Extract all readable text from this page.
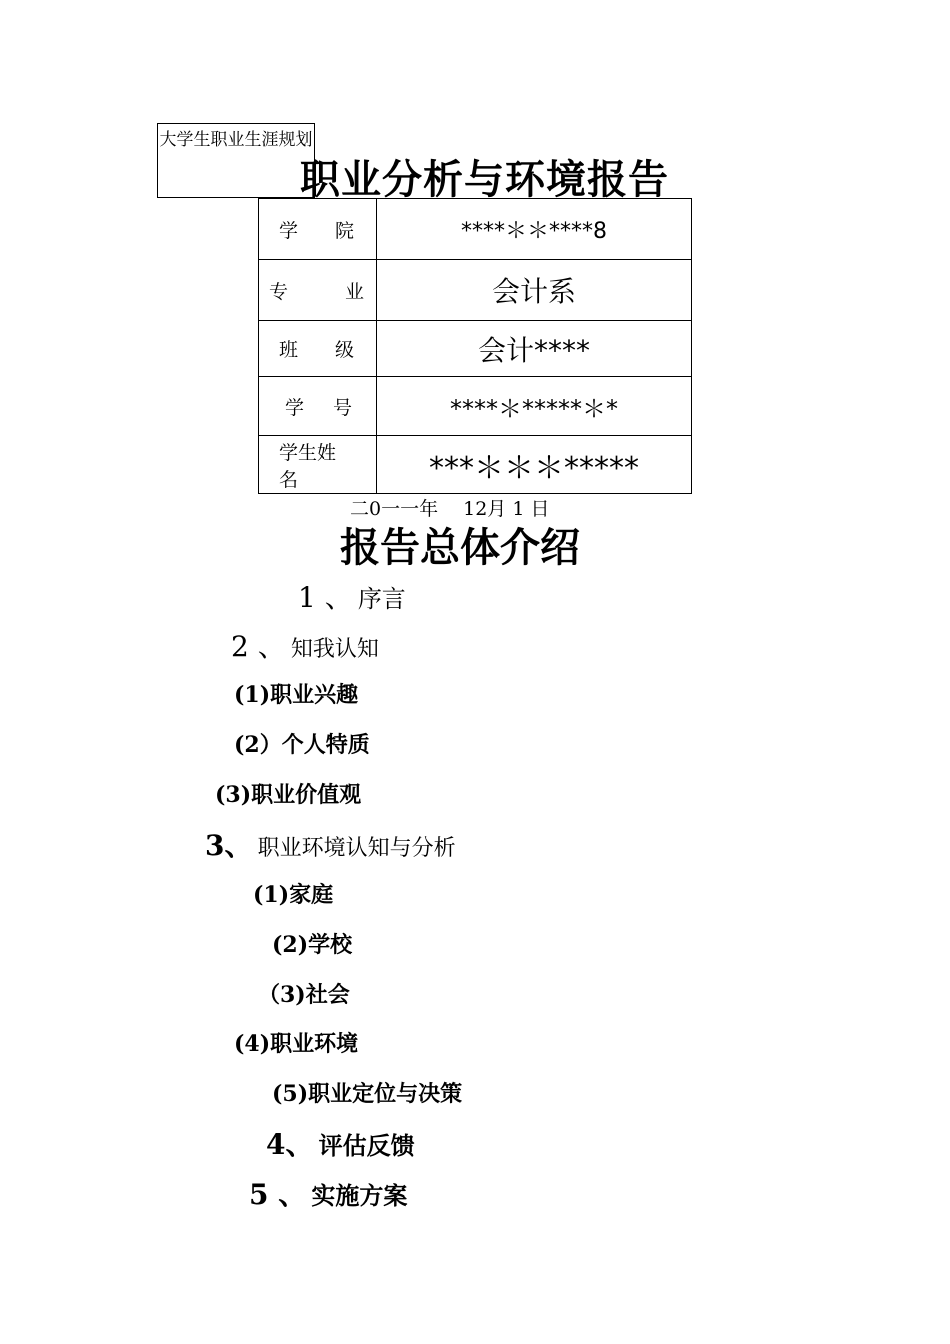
大学生职业生涯规划
职业分析与环境报告
学 院	****＊＊****8

专 业	会计系

班 级	会计****

学 号	****＊*****＊*

学生姓名	***＊＊＊*****
二0一一年　 12月 1 日
报告总体介绍
1 、 序言
2 、 知我认知
(1)职业兴趣
(2）个人特质
(3)职业价值观
3、 职业环境认知与分析
(1)家庭
(2)学校
（3)社会
(4)职业环境
(5)职业定位与决策
4、 评估反馈
5 、 实施方案
